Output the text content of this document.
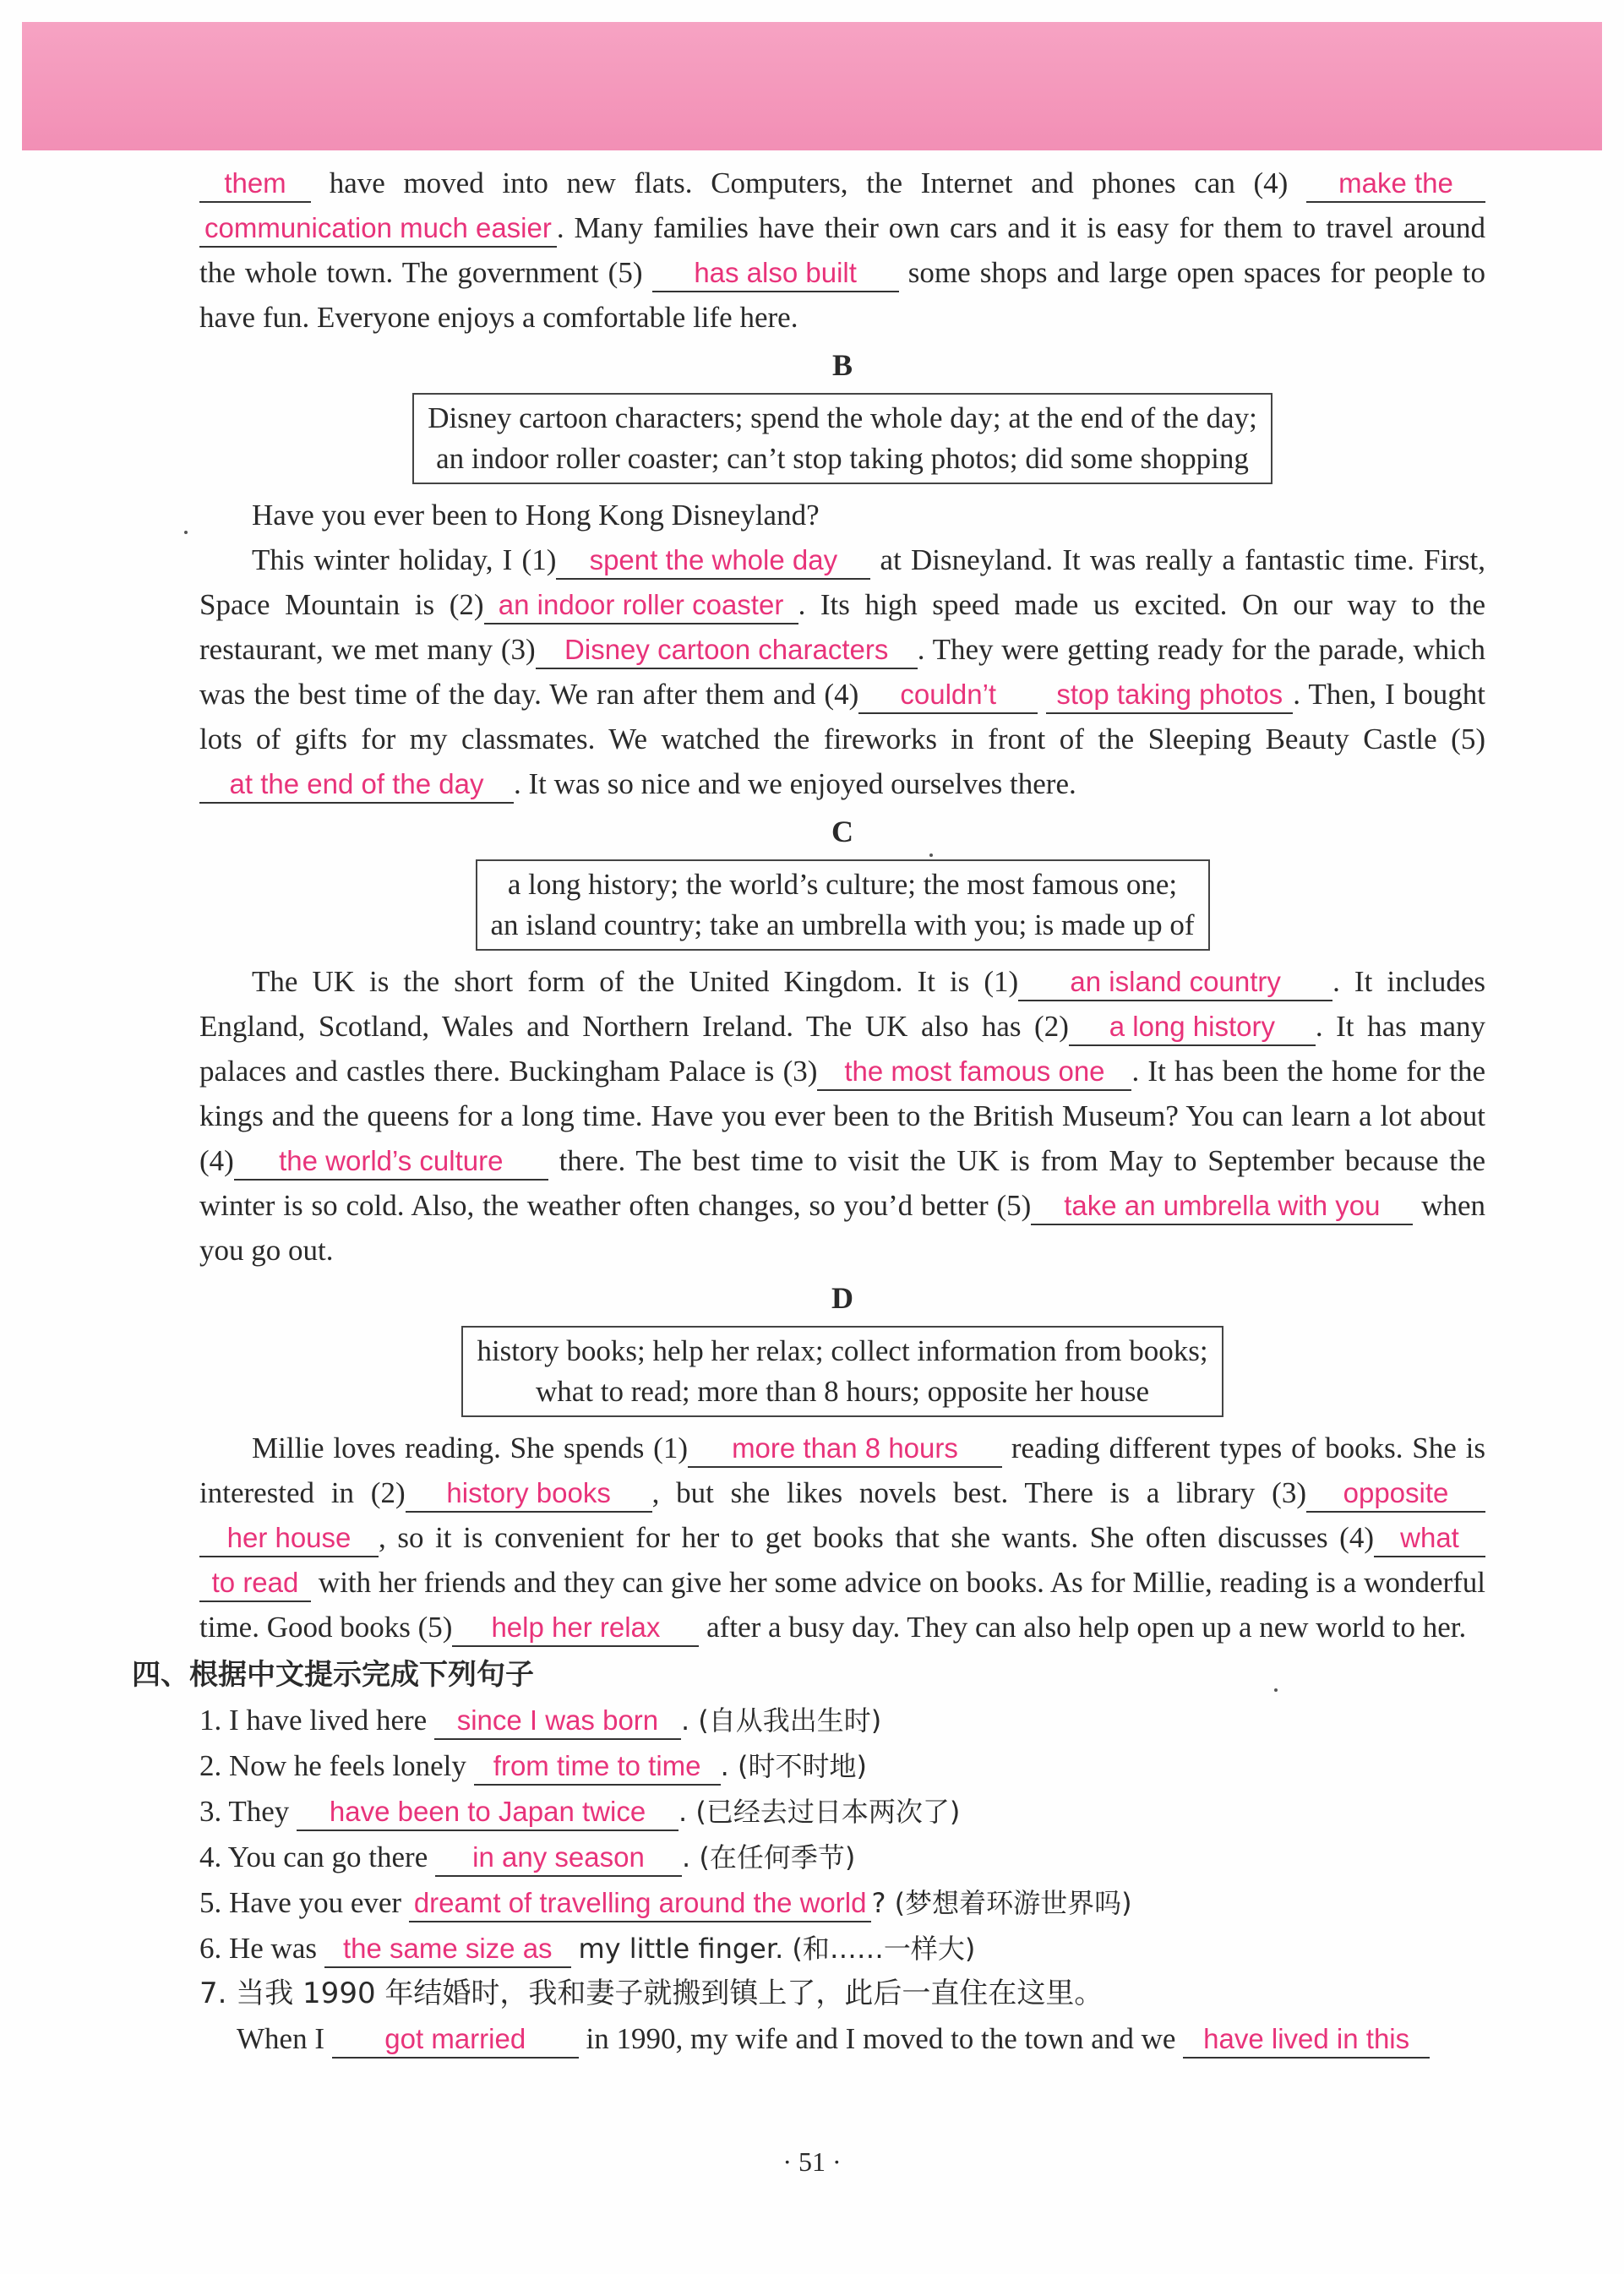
them have moved into new flats. Computers, the Internet and phones can (4) make the communication much easier . Many families have their own cars and it is easy for them to travel around the whole town. The government (5) has also built some shops and large open spaces for people to have fun. Everyone enjoys a comfortable life here.

B
Disney cartoon characters; spend the whole day; at the end of the day;
an indoor roller coaster; can’t stop taking photos; did some shopping

Have you ever been to Hong Kong Disneyland?

This winter holiday, I (1) spent the whole day at Disneyland. It was really a fantastic time. First, Space Mountain is (2) an indoor roller coaster . Its high speed made us excited. On our way to the restaurant, we met many (3) Disney cartoon characters . They were getting ready for the parade, which was the best time of the day. We ran after them and (4) couldn’t stop taking photos . Then, I bought lots of gifts for my classmates. We watched the fireworks in front of the Sleeping Beauty Castle (5)at the end of the day . It was so nice and we enjoyed ourselves there.

C
a long history; the world’s culture; the most famous one;
an island country; take an umbrella with you; is made up of

The UK is the short form of the United Kingdom. It is (1) an island country . It includes England, Scotland, Wales and Northern Ireland. The UK also has (2) a long history . It has many palaces and castles there. Buckingham Palace is (3) the most famous one . It has been the home for the kings and the queens for a long time. Have you ever been to the British Museum? You can learn a lot about (4) the world’s culture there. The best time to visit the UK is from May to September because the winter is so cold. Also, the weather often changes, so you’d better (5) take an umbrella with you when you go out.

D
history books; help her relax; collect information from books;
what to read; more than 8 hours; opposite her house

Millie loves reading. She spends (1) more than 8 hours reading different types of books. She is interested in (2) history books , but she likes novels best. There is a library (3) opposite her house , so it is convenient for her to get books that she wants. She often discusses (4) what to read with her friends and they can give her some advice on books. As for Millie, reading is a wonderful time. Good books (5) help her relax after a busy day. They can also help open up a new world to her.

四、根据中文提示完成下列句子

1. I have lived here since I was born . (自从我出生时)

2. Now he feels lonely from time to time . (时不时地)

3. They have been to Japan twice . (已经去过日本两次了)

4. You can go there in any season . (在任何季节)

5. Have you ever dreamt of travelling around the world ? (梦想着环游世界吗)

6. He was the same size as my little finger. (和……一样大)

7. 当我 1990 年结婚时，我和妻子就搬到镇上了，此后一直住在这里。

When I got married in 1990, my wife and I moved to the town and we have lived in this

· 51 ·
